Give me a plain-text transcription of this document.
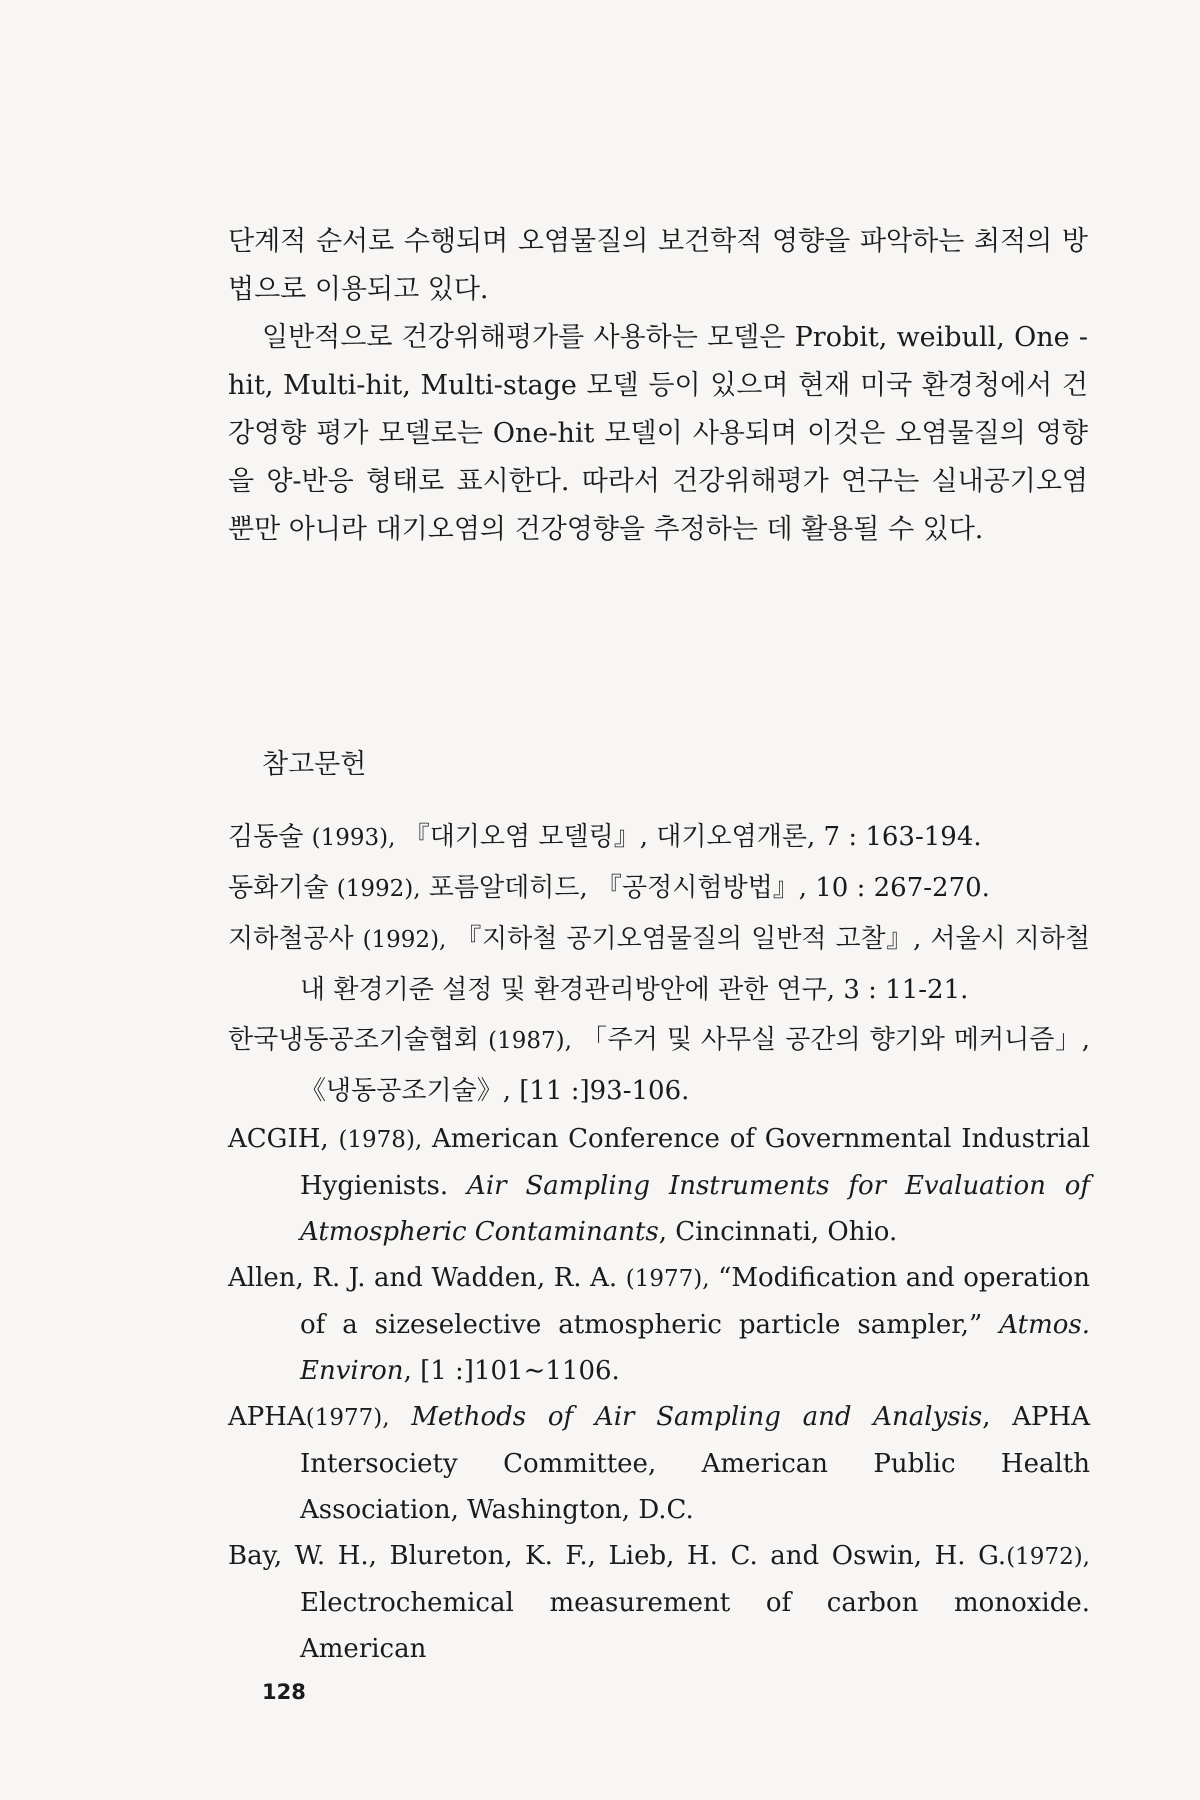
단계적 순서로 수행되며 오염물질의 보건학적 영향을 파악하는 최적의 방법으로 이용되고 있다.

일반적으로 건강위해평가를 사용하는 모델은 Probit, weibull, One -hit, Multi-hit, Multi-stage 모델 등이 있으며 현재 미국 환경청에서 건강영향 평가 모델로는 One-hit 모델이 사용되며 이것은 오염물질의 영향을 양-반응 형태로 표시한다. 따라서 건강위해평가 연구는 실내공기오염뿐만 아니라 대기오염의 건강영향을 추정하는 데 활용될 수 있다.

참고문헌

김동술 (1993), 『대기오염 모델링』, 대기오염개론, 7 : 163-194.

동화기술 (1992), 포름알데히드, 『공정시험방법』, 10 : 267-270.

지하철공사 (1992), 『지하철 공기오염물질의 일반적 고찰』, 서울시 지하철 내 환경기준 설정 및 환경관리방안에 관한 연구, 3 : 11-21.

한국냉동공조기술협회 (1987), 「주거 및 사무실 공간의 향기와 메커니즘」, 《냉동공조기술》, [11 :]93-106.

ACGIH, (1978), American Conference of Governmental Industrial Hygienists. Air Sampling Instruments for Evaluation of Atmospheric Contaminants, Cincinnati, Ohio.

Allen, R. J. and Wadden, R. A. (1977), “Modification and operation of a sizeselective atmospheric particle sampler,” Atmos. Environ, [1 :]101∼1106.

APHA(1977), Methods of Air Sampling and Analysis, APHA Intersociety Committee, American Public Health Association, Washington, D.C.

Bay, W. H., Blureton, K. F., Lieb, H. C. and Oswin, H. G.(1972), Electrochemical measurement of carbon monoxide. American

128
